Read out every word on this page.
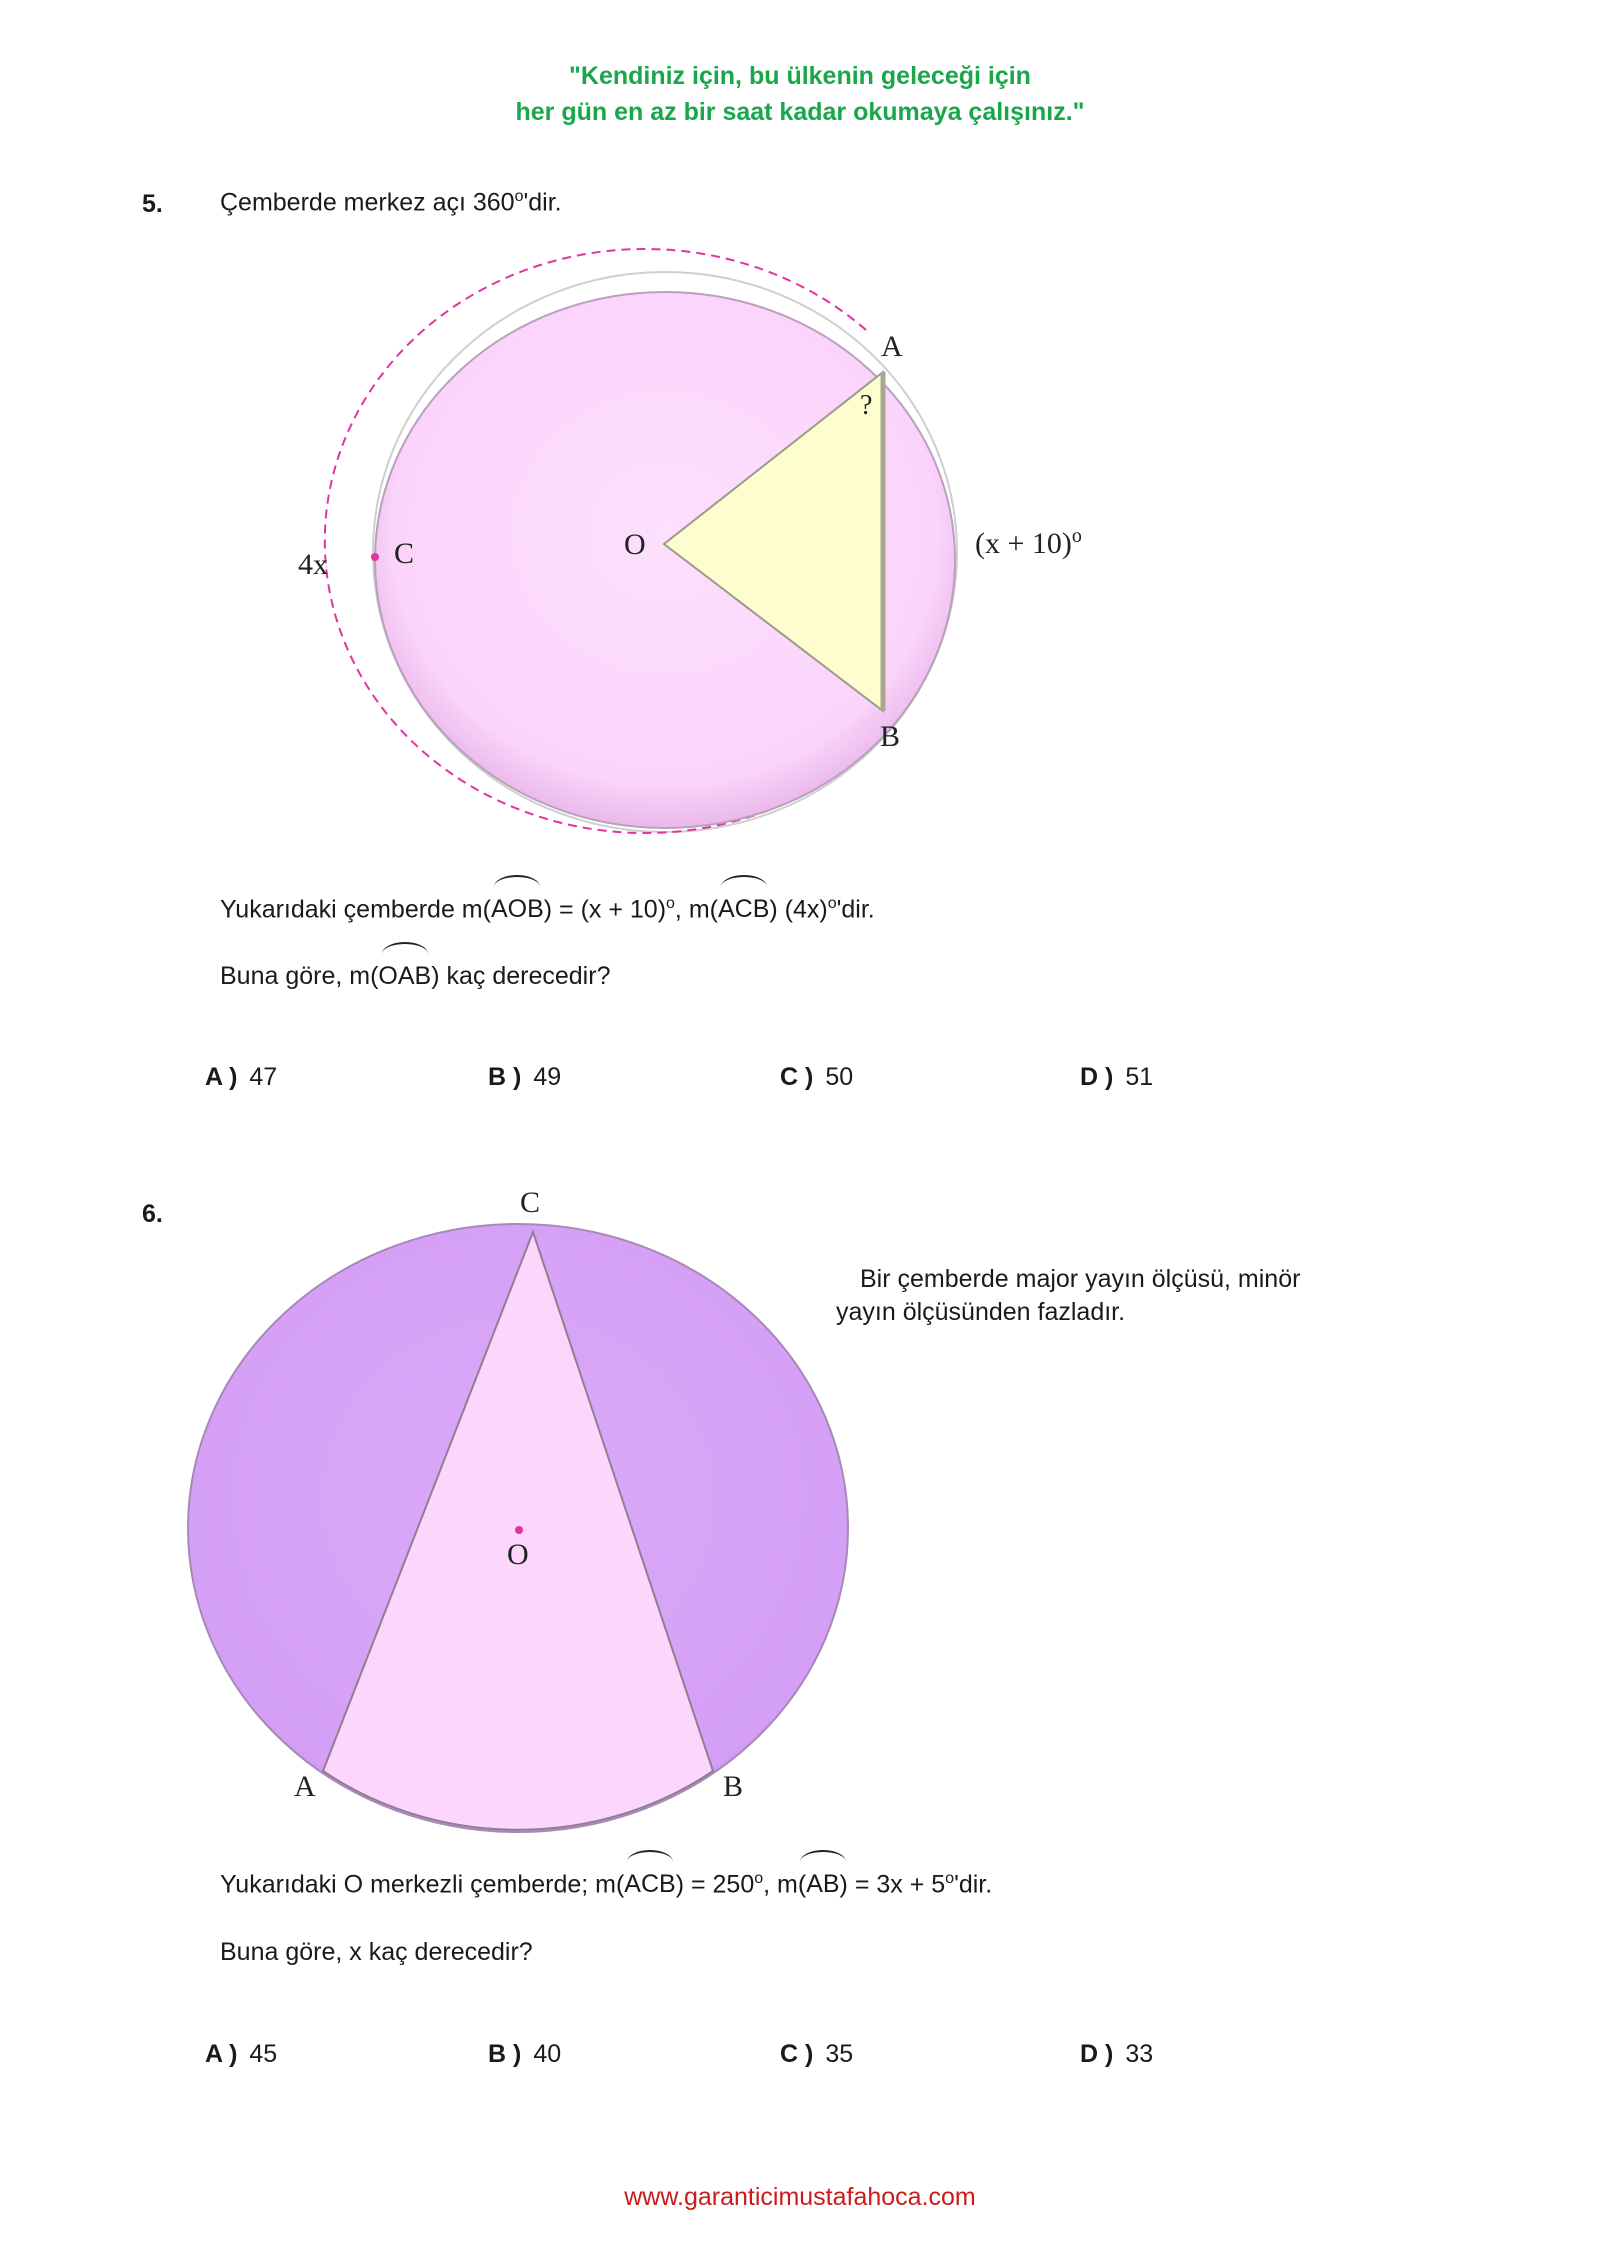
"Kendiniz için, bu ülkenin geleceği için
her gün en az bir saat kadar okumaya çalışınız."
5. Çemberde merkez açı 360$^o$'dir.
A
?
O
C
4x
$(x + 10)^o$
B
Yukarıdaki çemberde $m(AOB) = (x + 10)^o$, m(ACB) $(4x)^o'dir$.
Buna göre, m(OAB) kaç derecedir?
A ) 47	B ) 49	C ) 50	D ) 51
6.	C
O
A	B
Bir çemberde major yayın ölçüsü, minör
yayın ölçüsünden fazladır.
Yukarıdaki O merkezli çemberde; $m(ACB) = 250^o$, $m(AB) = 3x + 5^o'dir$.
Buna göre, x kaç derecedir?
A ) 45	B ) 40	C ) 35	D ) 33
www.garanticimustafahoca.com
